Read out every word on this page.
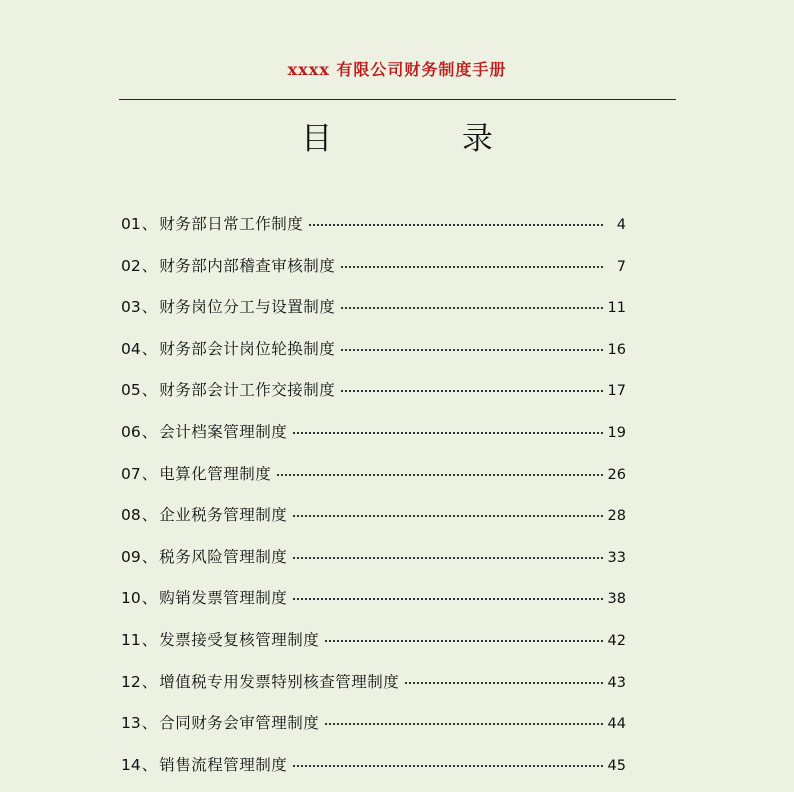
xxxx 有限公司财务制度手册
目 录
01 、 财务部日常工作制度	4
02 、 财务部内部稽查审核制度	7
03 、 财务岗位分工与设置制度	11
04 、 财务部会计岗位轮换制度	16
05 、 财务部会计工作交接制度	17
06 、 会计档案管理制度	19
07 、 电算化管理制度	26
08 、 企业税务管理制度	28
09 、 税务风险管理制度	33
10 、 购销发票管理制度	38
11 、 发票接受复核管理制度	42
12 、 增值税专用发票特别核查管理制度	43
13 、 合同财务会审管理制度	44
14 、 销售流程管理制度	45
